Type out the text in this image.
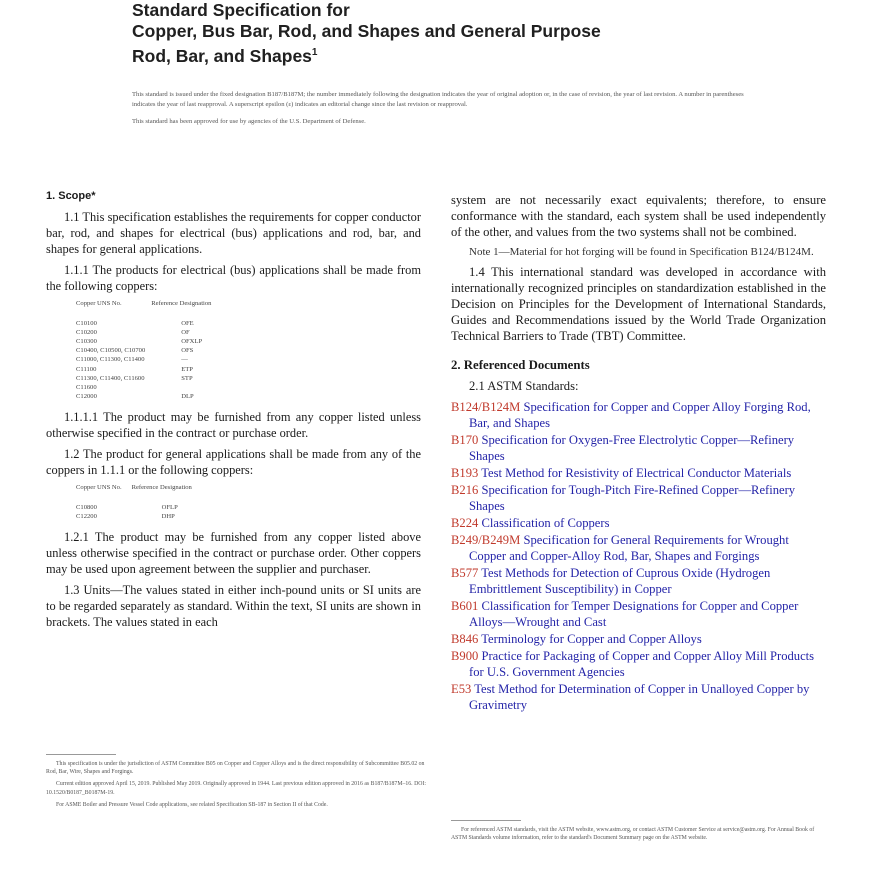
Standard Specification for
Copper, Bus Bar, Rod, and Shapes and General Purpose
Rod, Bar, and Shapes$^1$

This standard is issued under the fixed designation B187/B187M; the number immediately following the designation indicates the year of original adoption or, in the case of revision, the year of last revision. A number in parentheses indicates the year of last reapproval. A superscript epsilon (ε) indicates an editorial change since the last revision or reapproval.

This standard has been approved for use by agencies of the U.S. Department of Defense.

1. Scope*

1.1 This specification establishes the requirements for copper conductor bar, rod, and shapes for electrical (bus) applications and rod, bar, and shapes for general applications.

1.1.1 The products for electrical (bus) applications shall be made from the following coppers:

Copper UNS No.	Reference Designation

C10100	OFE
C10200	OF
C10300	OFXLP
C10400, C10500, C10700	OFS
C11000, C11300, C11400	—
C11100	ETP
C11300, C11400, C11600	STP
C11600	
C12000	DLP

1.1.1.1 The product may be furnished from any copper listed unless otherwise specified in the contract or purchase order.

1.2 The product for general applications shall be made from any of the coppers in 1.1.1 or the following coppers:

Copper UNS No.	Reference Designation

C10800	OFLP
C12200	DHP

1.2.1 The product may be furnished from any copper listed above unless otherwise specified in the contract or purchase order. Other coppers may be used upon agreement between the supplier and purchaser.

1.3 Units—The values stated in either inch-pound units or SI units are to be regarded separately as standard. Within the text, SI units are shown in brackets. The values stated in each

system are not necessarily exact equivalents; therefore, to ensure conformance with the standard, each system shall be used independently of the other, and values from the two systems shall not be combined.

Note 1—Material for hot forging will be found in Specification B124/B124M.

1.4 This international standard was developed in accordance with internationally recognized principles on standardization established in the Decision on Principles for the Development of International Standards, Guides and Recommendations issued by the World Trade Organization Technical Barriers to Trade (TBT) Committee.

2. Referenced Documents

2.1 ASTM Standards:

B124/B124M Specification for Copper and Copper Alloy Forging Rod, Bar, and Shapes

B170 Specification for Oxygen-Free Electrolytic Copper—Refinery Shapes

B193 Test Method for Resistivity of Electrical Conductor Materials

B216 Specification for Tough-Pitch Fire-Refined Copper—Refinery Shapes

B224 Classification of Coppers

B249/B249M Specification for General Requirements for Wrought Copper and Copper-Alloy Rod, Bar, Shapes and Forgings

B577 Test Methods for Detection of Cuprous Oxide (Hydrogen Embrittlement Susceptibility) in Copper

B601 Classification for Temper Designations for Copper and Copper Alloys—Wrought and Cast

B846 Terminology for Copper and Copper Alloys

B900 Practice for Packaging of Copper and Copper Alloy Mill Products for U.S. Government Agencies

E53 Test Method for Determination of Copper in Unalloyed Copper by Gravimetry

This specification is under the jurisdiction of ASTM Committee B05 on Copper and Copper Alloys and is the direct responsibility of Subcommittee B05.02 on Rod, Bar, Wire, Shapes and Forgings.

Current edition approved April 15, 2019. Published May 2019. Originally approved in 1944. Last previous edition approved in 2016 as B187/B187M–16. DOI: 10.1520/B0187_B0187M-19.

For ASME Boiler and Pressure Vessel Code applications, see related Specification SB-187 in Section II of that Code.

For referenced ASTM standards, visit the ASTM website, www.astm.org, or contact ASTM Customer Service at service@astm.org. For Annual Book of ASTM Standards volume information, refer to the standard's Document Summary page on the ASTM website.
